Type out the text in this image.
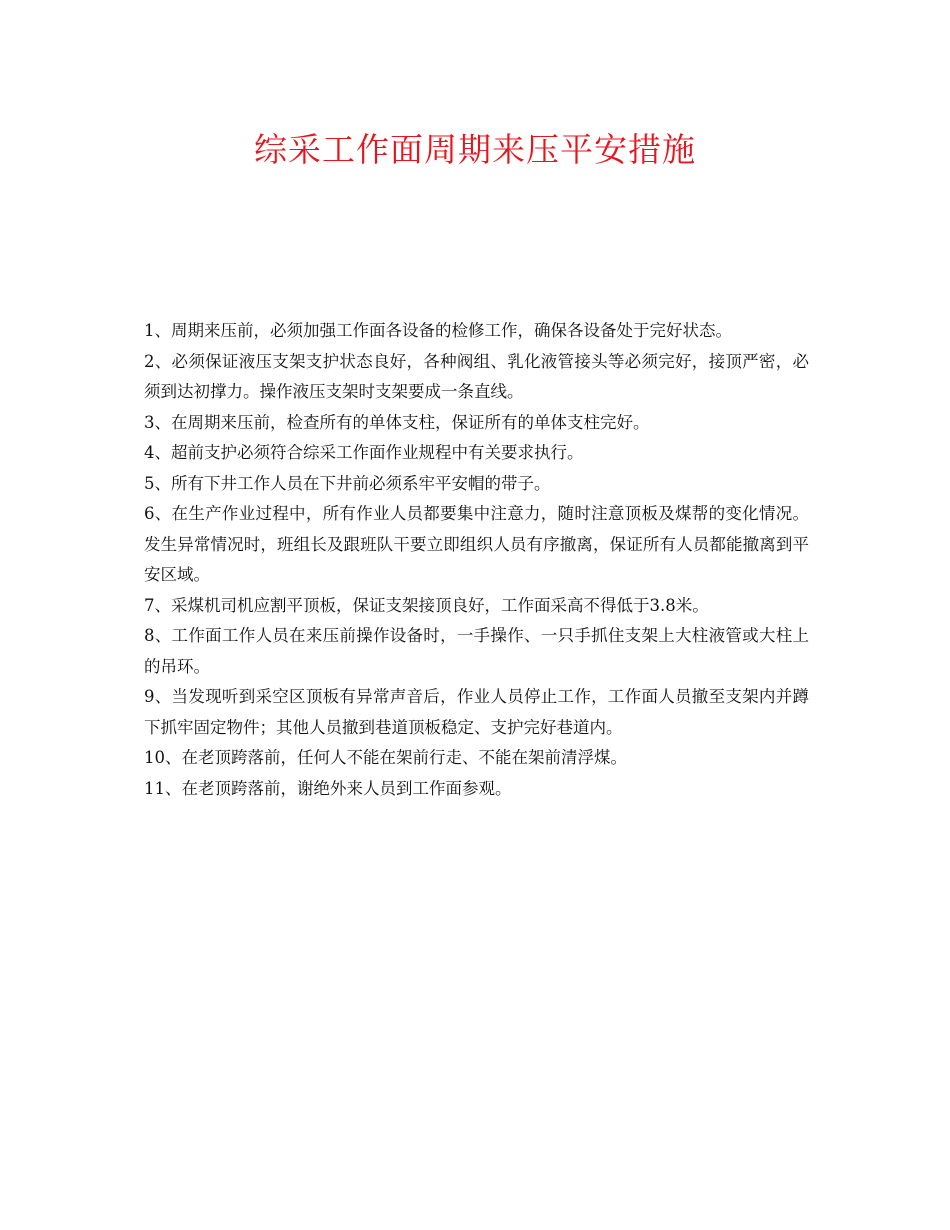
综采工作面周期来压平安措施
1、周期来压前，必须加强工作面各设备的检修工作，确保各设备处于完好状态。
2、必须保证液压支架支护状态良好，各种阀组、乳化液管接头等必须完好，接顶严密，必须到达初撑力。操作液压支架时支架要成一条直线。
3、在周期来压前，检查所有的单体支柱，保证所有的单体支柱完好。
4、超前支护必须符合综采工作面作业规程中有关要求执行。
5、所有下井工作人员在下井前必须系牢平安帽的带子。
6、在生产作业过程中，所有作业人员都要集中注意力，随时注意顶板及煤帮的变化情况。发生异常情况时，班组长及跟班队干要立即组织人员有序撤离，保证所有人员都能撤离到平安区域。
7、采煤机司机应割平顶板，保证支架接顶良好，工作面采高不得低于3.8米。
8、工作面工作人员在来压前操作设备时，一手操作、一只手抓住支架上大柱液管或大柱上的吊环。
9、当发现听到采空区顶板有异常声音后，作业人员停止工作，工作面人员撤至支架内并蹲下抓牢固定物件；其他人员撤到巷道顶板稳定、支护完好巷道内。
10、在老顶跨落前，任何人不能在架前行走、不能在架前清浮煤。
11、在老顶跨落前，谢绝外来人员到工作面参观。
